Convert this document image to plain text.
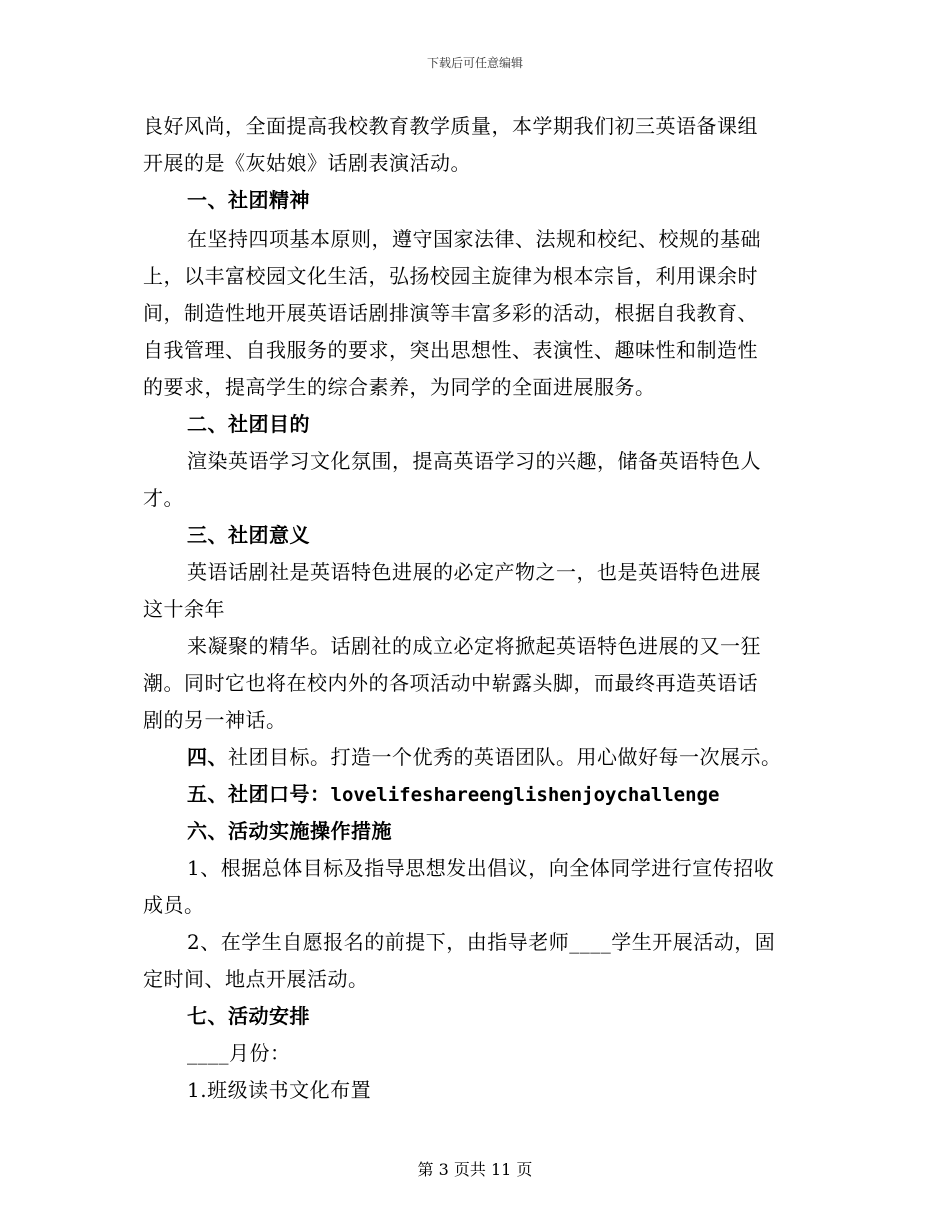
下载后可任意编辑
良好风尚，全面提高我校教育教学质量，本学期我们初三英语备课组
开展的是《灰姑娘》话剧表演活动。
一、社团精神
在坚持四项基本原则，遵守国家法律、法规和校纪、校规的基础
上，以丰富校园文化生活，弘扬校园主旋律为根本宗旨，利用课余时
间，制造性地开展英语话剧排演等丰富多彩的活动，根据自我教育、
自我管理、自我服务的要求，突出思想性、表演性、趣味性和制造性
的要求，提高学生的综合素养，为同学的全面进展服务。
二、社团目的
渲染英语学习文化氛围，提高英语学习的兴趣，储备英语特色人
才。
三、社团意义
英语话剧社是英语特色进展的必定产物之一，也是英语特色进展
这十余年
来凝聚的精华。话剧社的成立必定将掀起英语特色进展的又一狂
潮。同时它也将在校内外的各项活动中崭露头脚，而最终再造英语话
剧的另一神话。
四、社团目标。打造一个优秀的英语团队。用心做好每一次展示。
五、社团口号：lovelifeshareenglishenjoychallenge
六、活动实施操作措施
1、根据总体目标及指导思想发出倡议，向全体同学进行宣传招收
成员。
2、在学生自愿报名的前提下，由指导老师____学生开展活动，固
定时间、地点开展活动。
七、活动安排
____月份：
1.班级读书文化布置
第 3 页共 11 页
